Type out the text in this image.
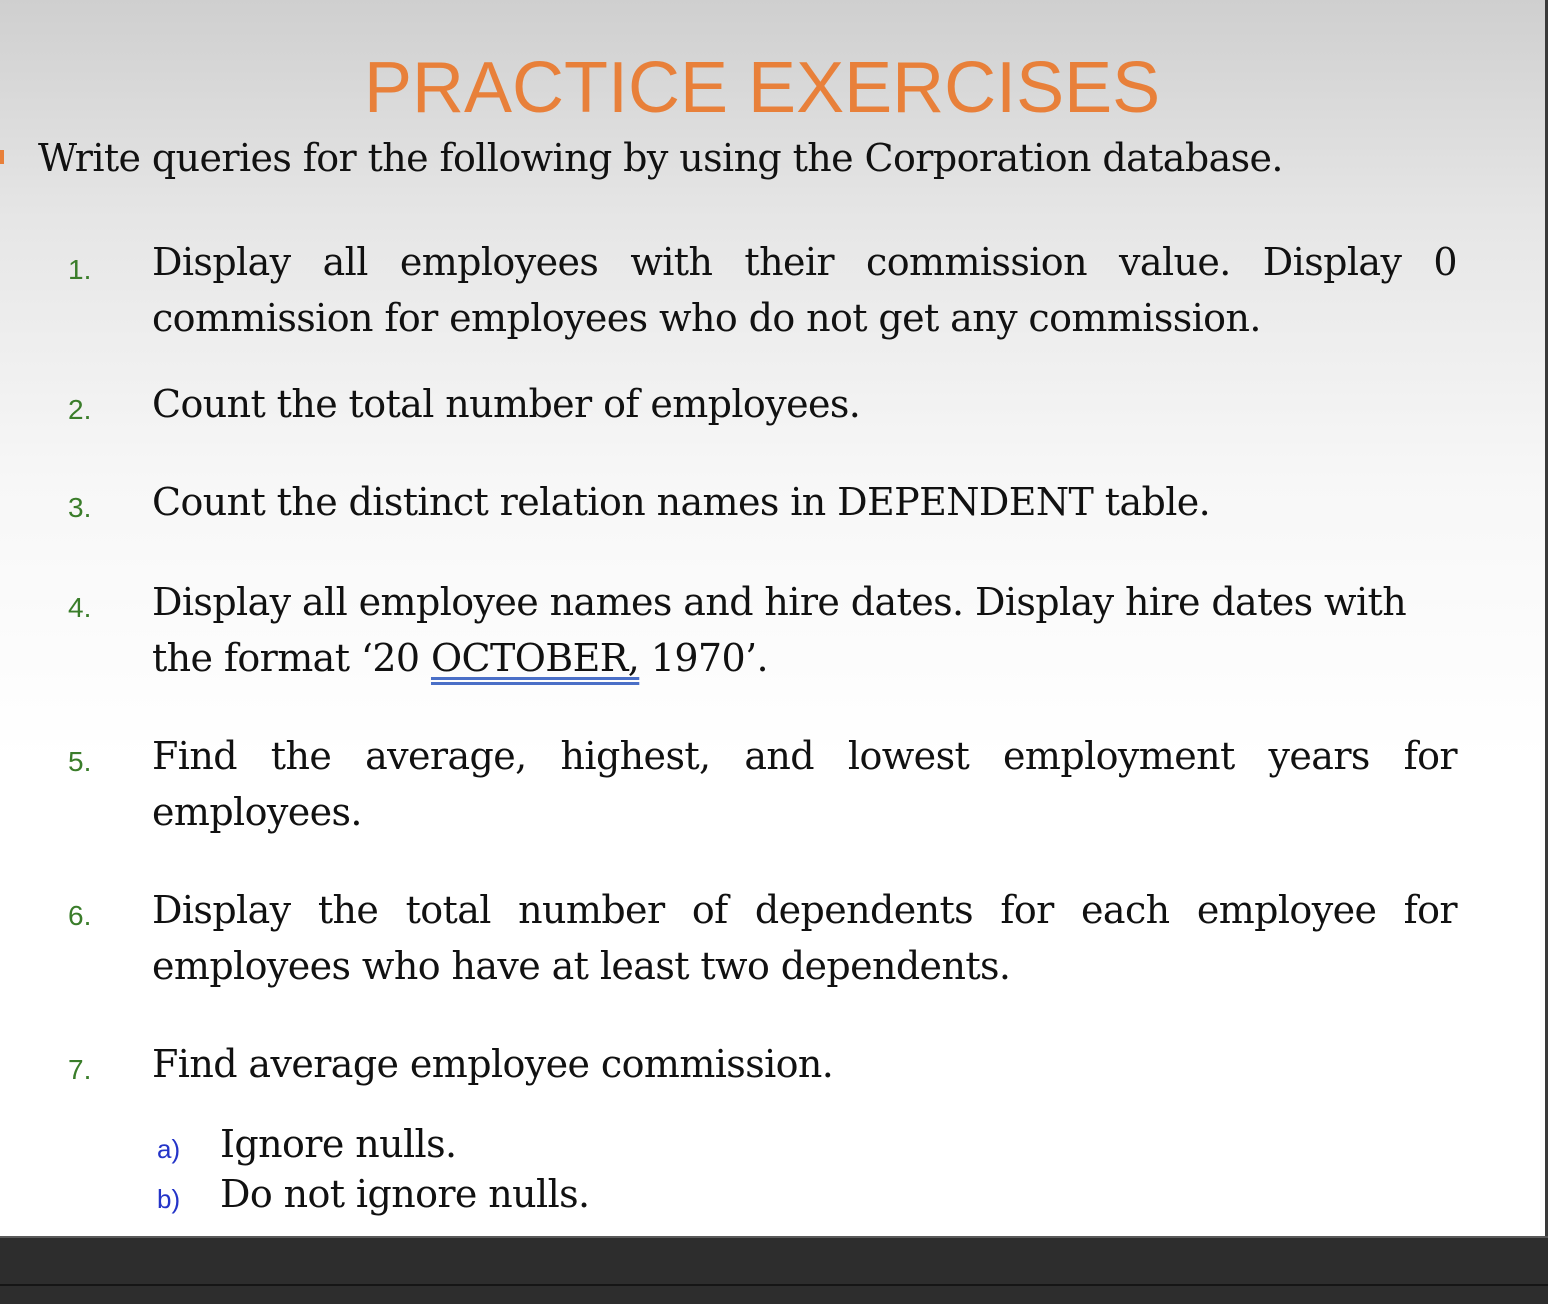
PRACTICE EXERCISES
Write queries for the following by using the Corporation database.
1. Display all employees with their commission value. Display 0 commission for employees who do not get any commission.
2. Count the total number of employees.
3. Count the distinct relation names in DEPENDENT table.
4. Display all employee names and hire dates. Display hire dates with the format ‘20 OCTOBER, 1970’.
5. Find the average, highest, and lowest employment years for employees.
6. Display the total number of dependents for each employee for employees who have at least two dependents.
7. Find average employee commission.
a) Ignore nulls.
b) Do not ignore nulls.
